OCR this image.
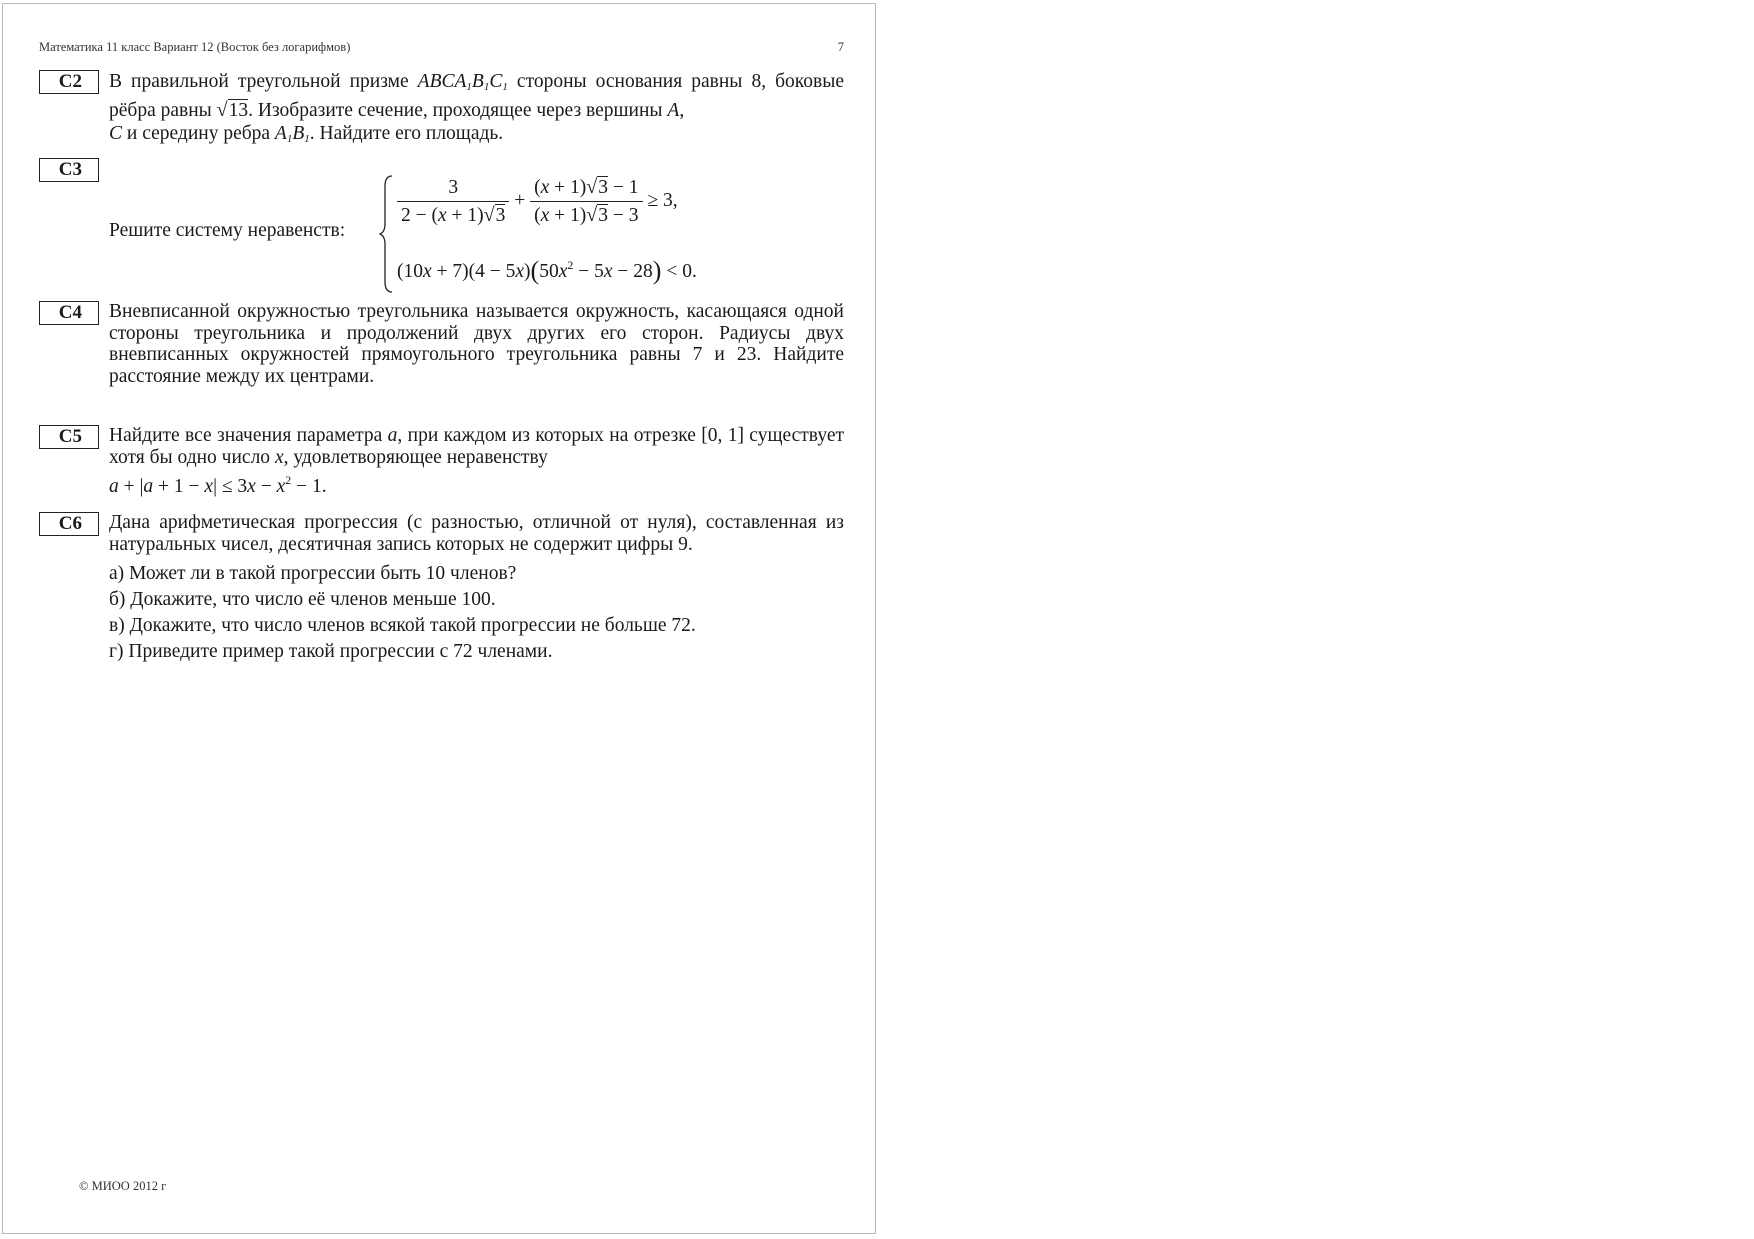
Математика 11 класс Вариант 12 (Восток без логарифмов)	7
C2	В правильной треугольной призме $ABCA_1B_1C_1$ стороны основания равны 8, боковые рёбра равны √13. Изобразите сечение, проходящее через вершины A,
C и середину ребра $A_1B_1$. Найдите его площадь.

C3
Решите систему неравенств:
$\frac{3}{2 - (x + 1)√3} + \frac{(x + 1)√3 - 1}{(x + 1)√3 - 3} \ge 3$,
$(10x + 7)(4 - 5x)(50x^2 - 5x - 28) < 0$.
C4	Вневписанной окружностью треугольника называется окружность, касающаяся одной стороны треугольника и продолжений двух других его сторон. Радиусы двух вневписанных окружностей прямоугольного треугольника равны 7 и 23. Найдите расстояние между их центрами.

C5	Найдите все значения параметра a, при каждом из которых на отрезке [0, 1] существует хотя бы одно число x, удовлетворяющее неравенству
$a + |a + 1 - x| \le 3x - x^2 - 1$.

C6	Дана арифметическая прогрессия (с разностью, отличной от нуля), составленная из натуральных чисел, десятичная запись которых не содержит цифры 9.

а) Может ли в такой прогрессии быть 10 членов?
б) Докажите, что число её членов меньше 100.
в) Докажите, что число членов всякой такой прогрессии не больше 72.
г) Приведите пример такой прогрессии с 72 членами.
© МИОО 2012 г
